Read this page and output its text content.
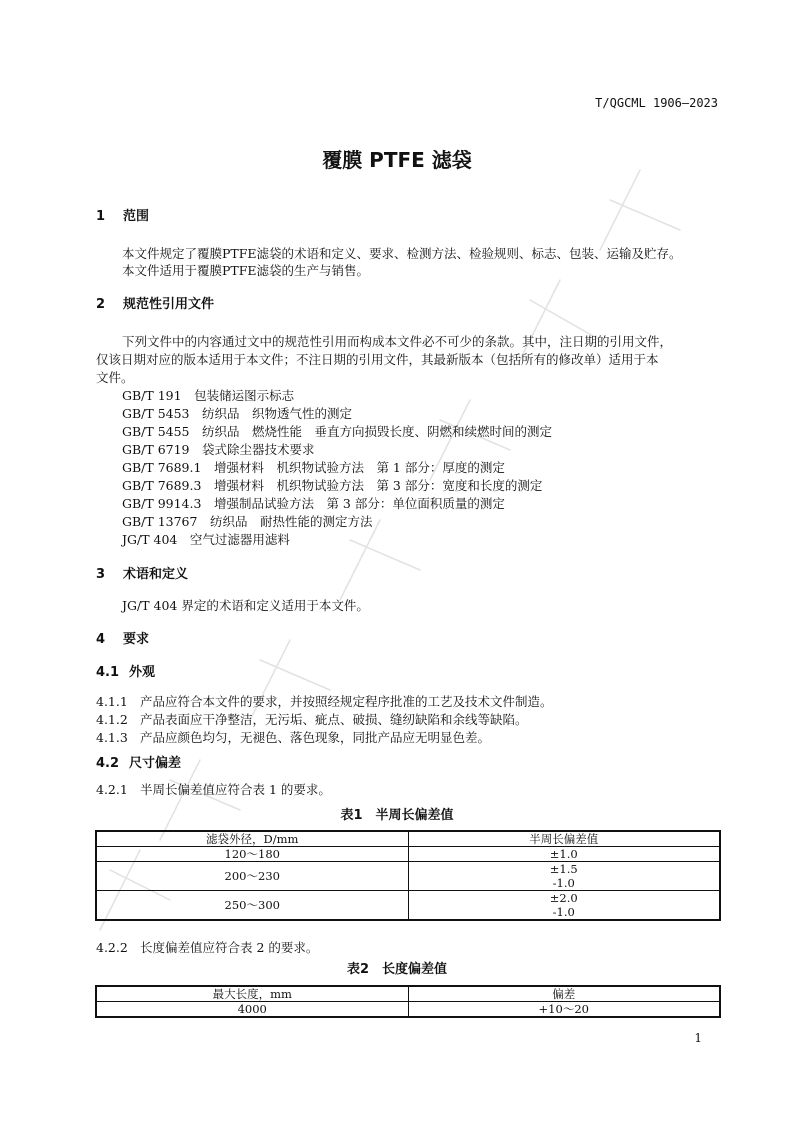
T/QGCML 1906—2023
覆膜 PTFE 滤袋
1 范围
本文件规定了覆膜PTFE滤袋的术语和定义、要求、检测方法、检验规则、标志、包装、运输及贮存。
本文件适用于覆膜PTFE滤袋的生产与销售。
2 规范性引用文件
下列文件中的内容通过文中的规范性引用而构成本文件必不可少的条款。其中，注日期的引用文件，
仅该日期对应的版本适用于本文件；不注日期的引用文件，其最新版本（包括所有的修改单）适用于本
文件。
GB/T 191　 包装储运图示标志
GB/T 5453　 纺织品　织物透气性的测定
GB/T 5455　 纺织品　燃烧性能　垂直方向损毁长度、阴燃和续燃时间的测定
GB/T 6719　 袋式除尘器技术要求
GB/T 7689.1　 增强材料　机织物试验方法　第 1 部分：厚度的测定
GB/T 7689.3　 增强材料　机织物试验方法　第 3 部分：宽度和长度的测定
GB/T 9914.3　 增强制品试验方法　第 3 部分：单位面积质量的测定
GB/T 13767　 纺织品　耐热性能的测定方法
JG/T 404　 空气过滤器用滤料
3 术语和定义
JG/T 404 界定的术语和定义适用于本文件。
4 要求
4.1 外观
4.1.1 产品应符合本文件的要求，并按照经规定程序批准的工艺及技术文件制造。
4.1.2 产品表面应干净整洁，无污垢、疵点、破损、缝纫缺陷和余线等缺陷。
4.1.3 产品应颜色均匀，无褪色、落色现象，同批产品应无明显色差。
4.2 尺寸偏差
4.2.1 半周长偏差值应符合表 1 的要求。
表1　半周长偏差值
滤袋外径，D/mm	半周长偏差值
120～180	±1.0
200～230	±1.5
-1.0

250～300	±2.0
-1.0
4.2.2 长度偏差值应符合表 2 的要求。
表2　长度偏差值
最大长度，mm	偏差
4000	+10～20
1
